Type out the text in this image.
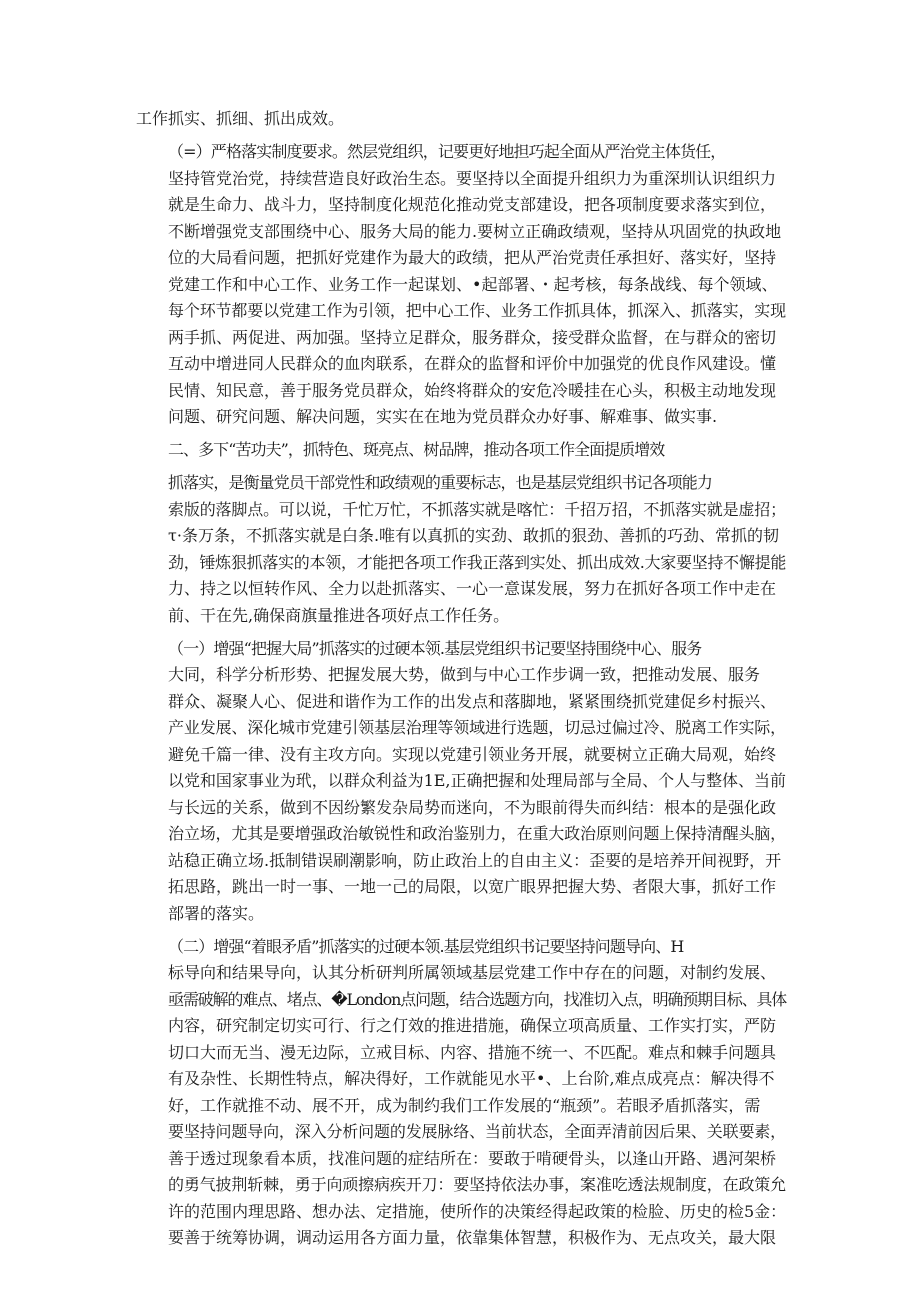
工作抓实、抓细、抓出成效。
（=）严格落实制度要求。然层党组织，记要更好地担巧起全面从严治党主体货任，
坚持管党治党，持续营造良好政治生态。要坚持以全面提升组织力为重深圳认识组织力
就是生命力、战斗力，坚持制度化规范化推动党支部建设，把各项制度要求落实到位，
不断增强党支部围绕中心、服务大局的能力.要树立正确政绩观，坚持从巩固党的执政地
位的大局看问题，把抓好党建作为最大的政绩，把从严治党责任承担好、落实好，坚持
党建工作和中心工作、业务工作一起谋划、•起部署、・起考核，每条战线、每个领域、
每个环节都要以党建工作为引领，把中心工作、业务工作抓具体，抓深入、抓落实，实现
两手抓、两促进、两加强。坚持立足群众，服务群众，接受群众监督，在与群众的密切
互动中增进同人民群众的血肉联系，在群众的监督和评价中加强党的优良作风建设。懂
民情、知民意，善于服务党员群众，始终将群众的安危冷暖挂在心头，积极主动地发现
问题、研究问题、解决问题，实实在在地为党员群众办好事、解难事、做实事.
二、多下“苦功夫”，抓特色、斑亮点、树品牌，推动各项工作全面提质增效
抓落实，是衡量党员干部党性和政绩观的重要标志，也是基层党组织书记各项能力
索版的落脚点。可以说，千忙万忙，不抓落实就是喀忙：千招万招，不抓落实就是虚招；
τ·条万条，不抓落实就是白条.唯有以真抓的实劲、敢抓的狠劲、善抓的巧劲、常抓的韧
劲，锤炼狠抓落实的本领，才能把各项工作我正落到实处、抓出成效.大家要坚持不懈提能
力、持之以恒转作风、全力以赴抓落实、一心一意谋发展，努力在抓好各项工作中走在
前、干在先,确保商旗量推进各项好点工作任务。
（一）增强“把握大局”抓落实的过硬本领.基层党组织书记要坚持围绕中心、服务
大同，科学分析形势、把握发展大势，做到与中心工作步调一致，把推动发展、服务
群众、凝聚人心、促进和谐作为工作的出发点和落脚地，紧紧围绕抓党建促乡村振兴、
产业发展、深化城市党建引领基层治理等领域进行选题，切忌过偏过冷、脱离工作实际，
避免千篇一律、没有主攻方向。实现以党建引领业务开展，就要树立正确大局观，始终
以党和国家事业为玳，以群众利益为1E,正确把握和处理局部与全局、个人与整体、当前
与长远的关系，做到不因纷繁发杂局势而迷向，不为眼前得失而纠结：根本的是强化政
治立场，尤其是要增强政治敏锐性和政治鉴别力，在重大政治原则问题上保持清醒头脑，
站稳正确立场.抵制错误刷潮影响，防止政治上的自由主义：歪要的是培养开间视野，开
拓思路，跳出一时一事、一地一己的局限，以宽广眼界把握大势、者限大事，抓好工作
部署的落实。
（二）增强“着眼矛盾”抓落实的过硬本领.基层党组织书记要坚持问题导向、H
标导向和结果导向，认其分析研判所属领域基层党建工作中存在的问题，对制约发展、
亟需破解的难点、堵点、�London点问题，结合选题方向，找准切入点，明确预期目标、具体
内容，研究制定切实可行、行之仃效的推进措施，确保立项高质量、工作实打实，严防
切口大而无当、漫无边际，立戒目标、内容、措施不统一、不匹配。难点和棘手问题具
有及杂性、长期性特点，解决得好，工作就能见水平•、上台阶,难点成亮点：解决得不
好，工作就推不动、展不开，成为制约我们工作发展的“瓶颈”。若眼矛盾抓落实，需
要坚持问题导向，深入分析问题的发展脉络、当前状态，全面弄清前因后果、关联要素，
善于透过现象看本质，找准问题的症结所在：要敢于啃硬骨头，以逢山开路、遇河架桥
的勇气披荆斩棘，勇于向顽擦病疾开刀：要坚持依法办事，案准吃透法规制度，在政策允
许的范围内理思路、想办法、定措施，使所作的决策经得起政策的检脸、历史的检5金：
要善于统筹协调，调动运用各方面力量，依靠集体智慧，积极作为、无点攻关，最大限
